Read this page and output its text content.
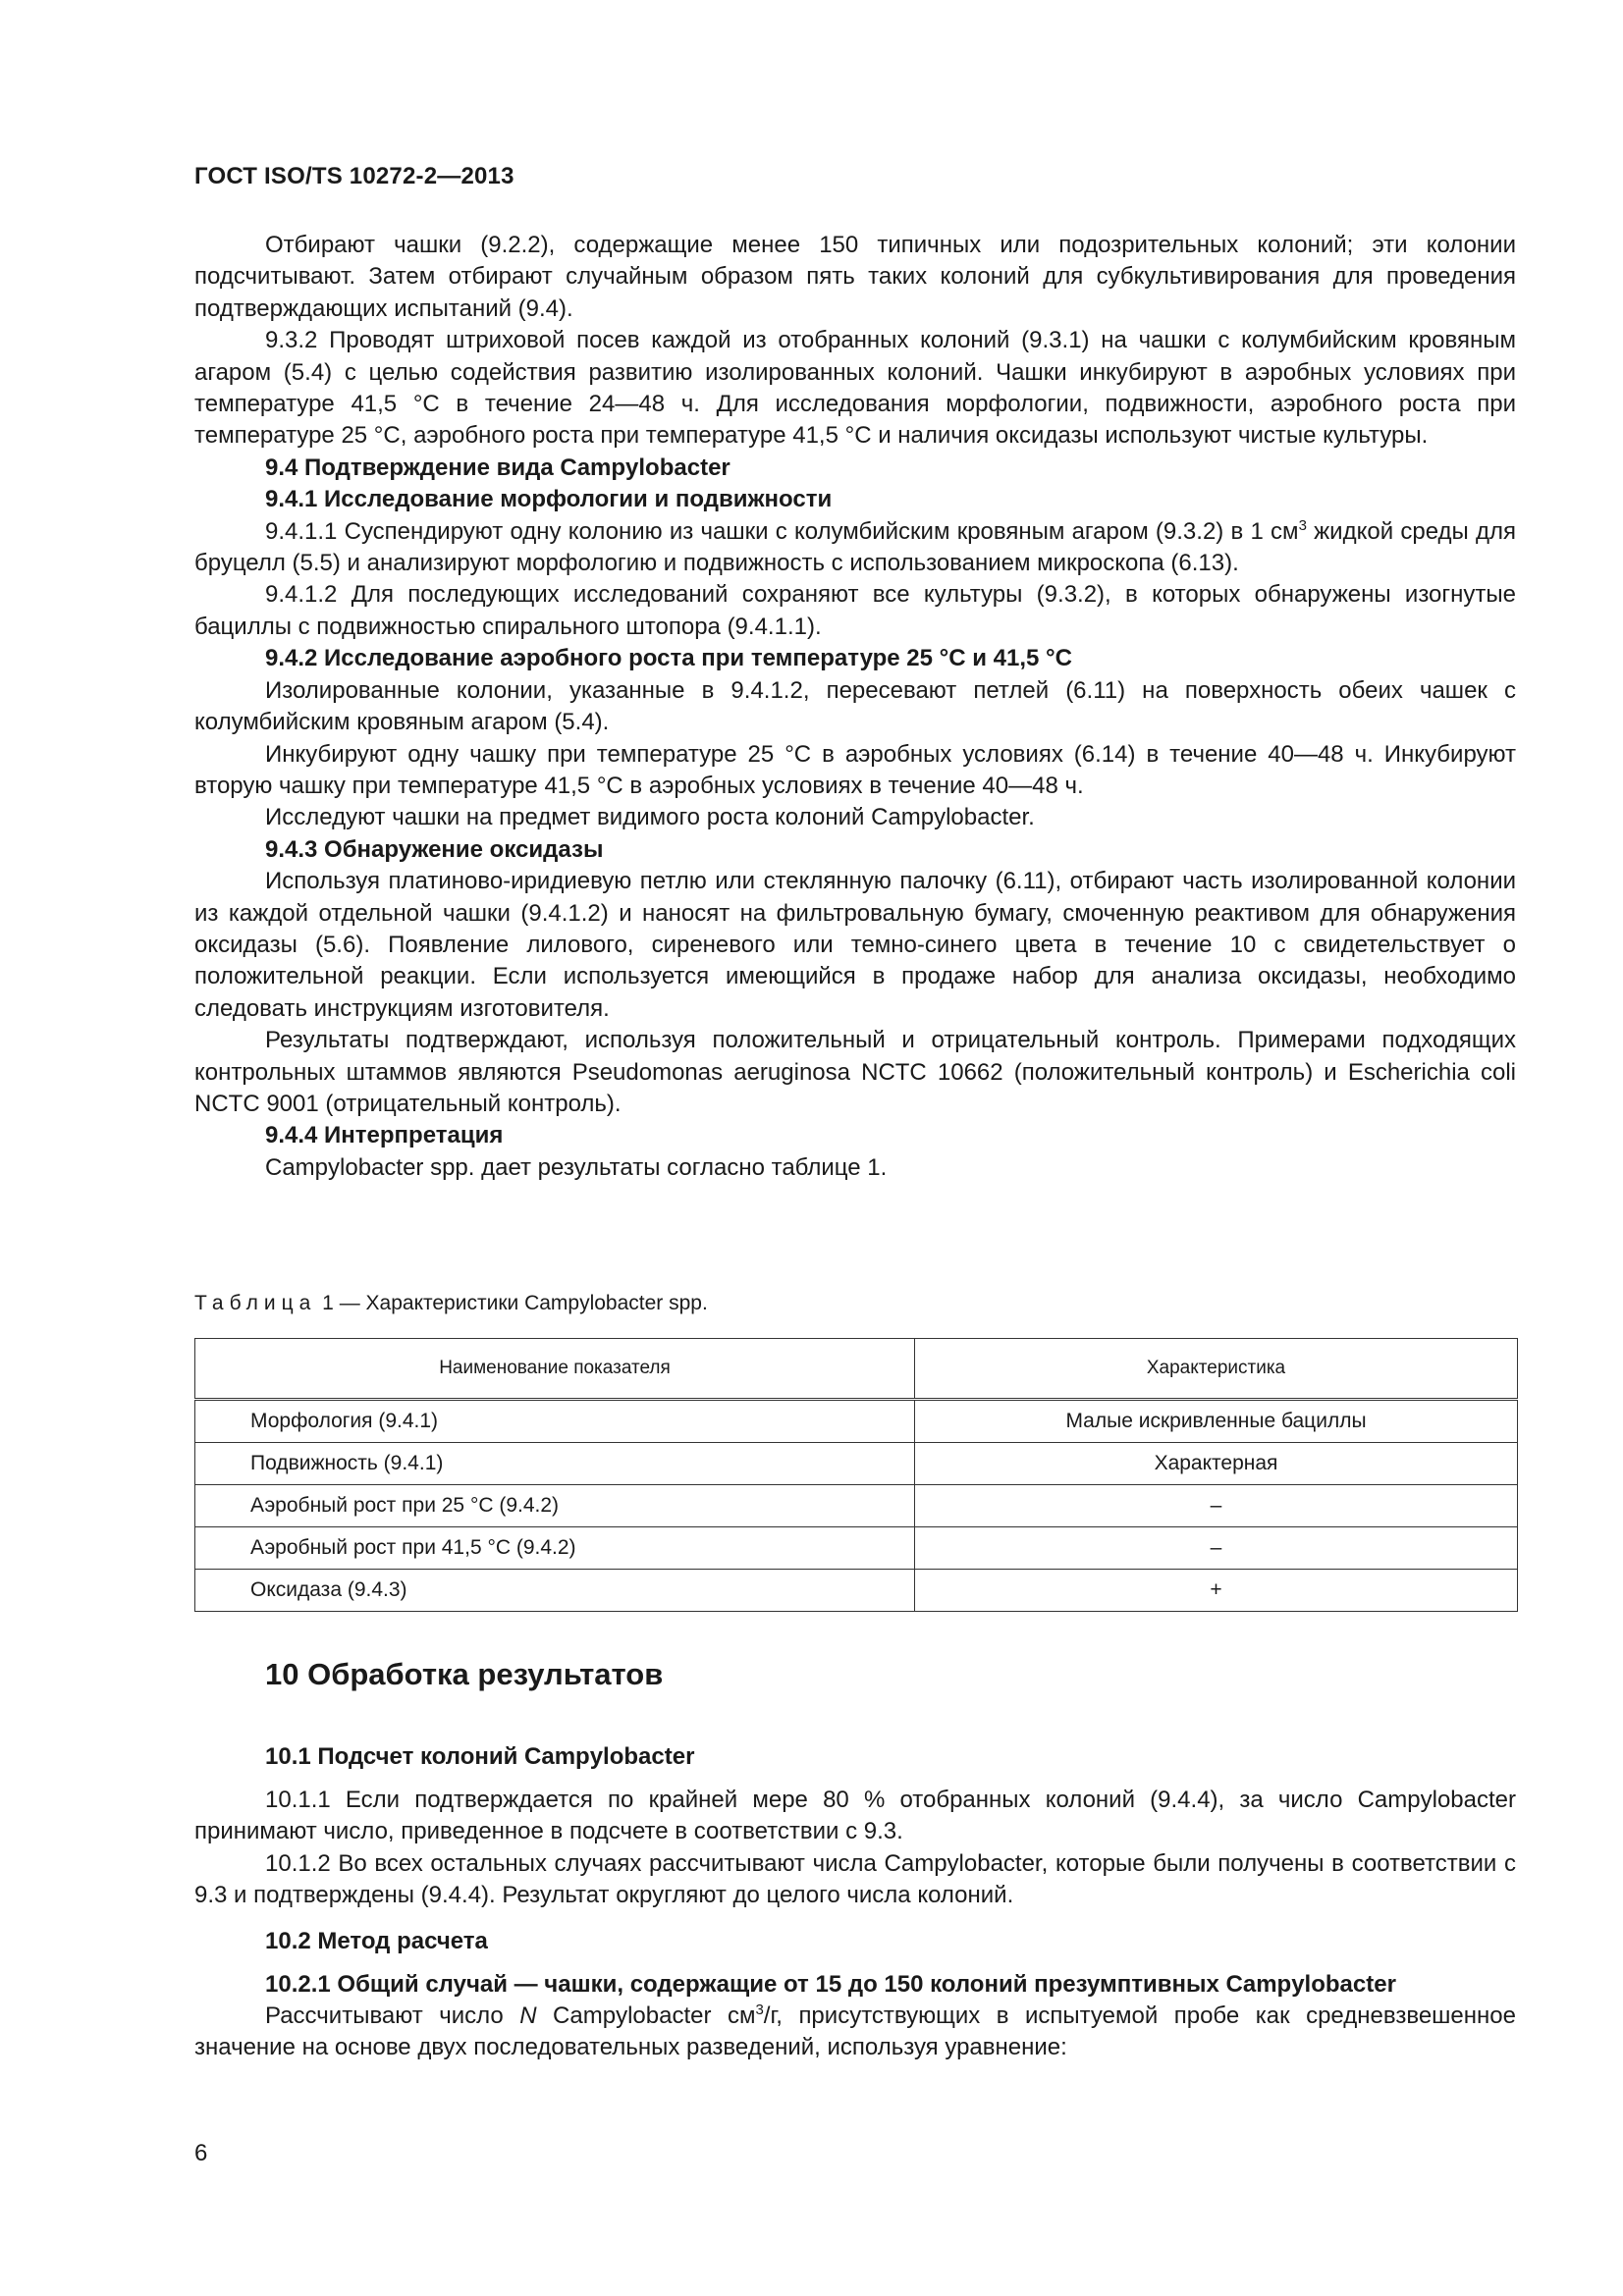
ГОСТ ISO/TS 10272-2—2013

Отбирают чашки (9.2.2), содержащие менее 150 типичных или подозрительных колоний; эти колонии подсчитывают. Затем отбирают случайным образом пять таких колоний для субкультивирования для проведения подтверждающих испытаний (9.4).

9.3.2 Проводят штриховой посев каждой из отобранных колоний (9.3.1) на чашки с колумбийским кровяным агаром (5.4) с целью содействия развитию изолированных колоний. Чашки инкубируют в аэробных условиях при температуре 41,5 °С в течение 24—48 ч. Для исследования морфологии, подвижности, аэробного роста при температуре 25 °С, аэробного роста при температуре 41,5 °С и наличия оксидазы используют чистые культуры.

9.4 Подтверждение вида Campylobacter

9.4.1 Исследование морфологии и подвижности

9.4.1.1 Суспендируют одну колонию из чашки с колумбийским кровяным агаром (9.3.2) в 1 $см^3$ жидкой среды для бруцелл (5.5) и анализируют морфологию и подвижность с использованием микроскопа (6.13).

9.4.1.2 Для последующих исследований сохраняют все культуры (9.3.2), в которых обнаружены изогнутые бациллы с подвижностью спирального штопора (9.4.1.1).

9.4.2 Исследование аэробного роста при температуре 25 °С и 41,5 °С

Изолированные колонии, указанные в 9.4.1.2, пересевают петлей (6.11) на поверхность обеих чашек с колумбийским кровяным агаром (5.4).

Инкубируют одну чашку при температуре 25 °С в аэробных условиях (6.14) в течение 40—48 ч. Инкубируют вторую чашку при температуре 41,5 °С в аэробных условиях в течение 40—48 ч.

Исследуют чашки на предмет видимого роста колоний Campylobacter.

9.4.3 Обнаружение оксидазы

Используя платиново-иридиевую петлю или стеклянную палочку (6.11), отбирают часть изолированной колонии из каждой отдельной чашки (9.4.1.2) и наносят на фильтровальную бумагу, смоченную реактивом для обнаружения оксидазы (5.6). Появление лилового, сиреневого или темно-синего цвета в течение 10 с свидетельствует о положительной реакции. Если используется имеющийся в продаже набор для анализа оксидазы, необходимо следовать инструкциям изготовителя.

Результаты подтверждают, используя положительный и отрицательный контроль. Примерами подходящих контрольных штаммов являются Pseudomonas aeruginosa NCTC 10662 (положительный контроль) и Escherichia coli NCTC 9001 (отрицательный контроль).

9.4.4 Интерпретация

Campylobacter spp. дает результаты согласно таблице 1.

Таблица 1 — Характеристики Campylobacter spp.
Наименование показателя	Характеристика
Морфология (9.4.1)	Малые искривленные бациллы
Подвижность (9.4.1)	Характерная
Аэробный рост при 25 °С (9.4.2)	–
Аэробный рост при 41,5 °С (9.4.2)	–
Оксидаза (9.4.3)	+
10 Обработка результатов
10.1 Подсчет колоний Campylobacter

10.1.1 Если подтверждается по крайней мере 80 % отобранных колоний (9.4.4), за число Campylobacter принимают число, приведенное в подсчете в соответствии с 9.3.

10.1.2 Во всех остальных случаях рассчитывают числа Campylobacter, которые были получены в соответствии с 9.3 и подтверждены (9.4.4). Результат округляют до целого числа колоний.

10.2 Метод расчета

10.2.1 Общий случай — чашки, содержащие от 15 до 150 колоний презумптивных Campylobacter

Рассчитывают число N Campylobacter $см^3/г$, присутствующих в испытуемой пробе как средневзвешенное значение на основе двух последовательных разведений, используя уравнение:

6
